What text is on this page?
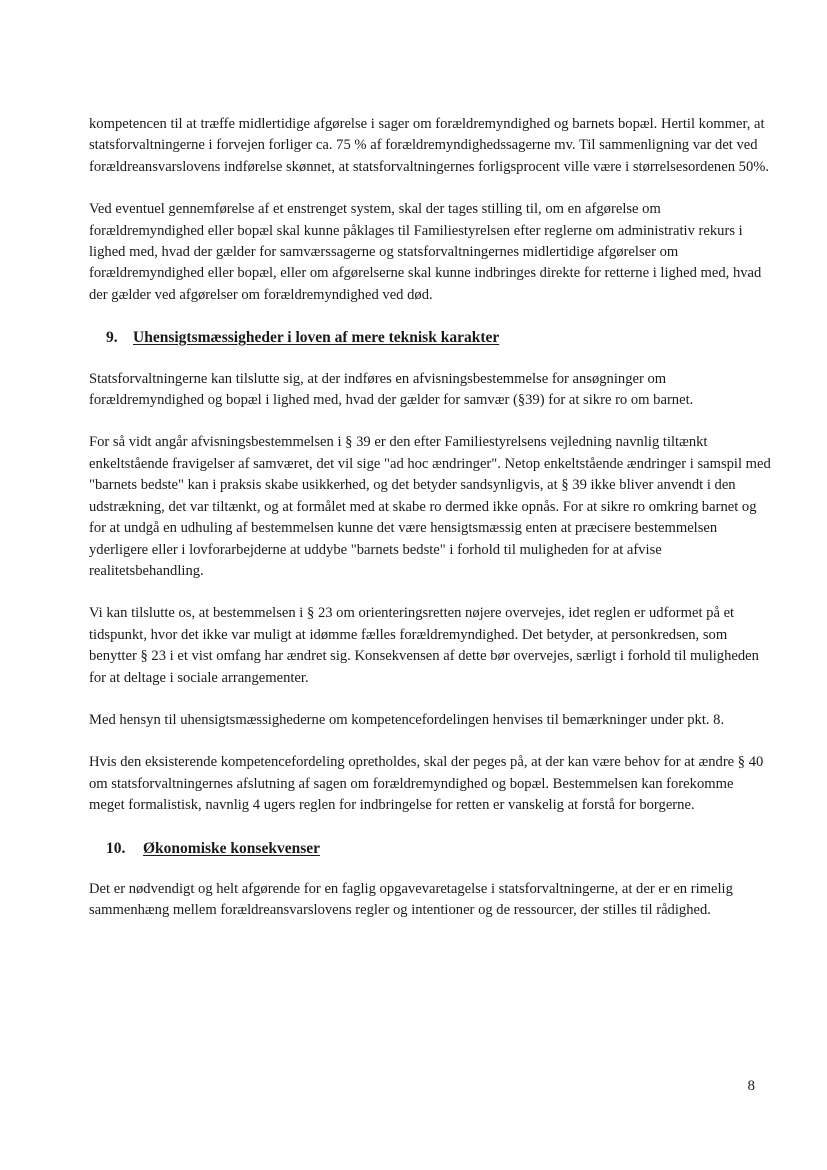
kompetencen til at træffe midlertidige afgørelse i sager om forældremyndighed og barnets bopæl. Hertil kommer, at statsforvaltningerne i forvejen forliger ca. 75 % af forældremyndighedssagerne mv. Til sammenligning var det ved forældreansvarslovens indførelse skønnet, at statsforvaltningernes forligsprocent ville være i størrelsesordenen 50%.

Ved eventuel gennemførelse af et enstrenget system, skal der tages stilling til, om en afgørelse om forældremyndighed eller bopæl skal kunne påklages til Familiestyrelsen efter reglerne om administrativ rekurs i lighed med, hvad der gælder for samværssagerne og statsforvaltningernes midlertidige afgørelser om forældremyndighed eller bopæl, eller om afgørelserne skal kunne indbringes direkte for retterne i lighed med, hvad der gælder ved afgørelser om forældremyndighed ved død.

9. Uhensigtsmæssigheder i loven af mere teknisk karakter

Statsforvaltningerne kan tilslutte sig, at der indføres en afvisningsbestemmelse for ansøgninger om forældremyndighed og bopæl i lighed med, hvad der gælder for samvær (§39) for at sikre ro om barnet.

For så vidt angår afvisningsbestemmelsen i § 39 er den efter Familiestyrelsens vejledning navnlig tiltænkt enkeltstående fravigelser af samværet, det vil sige "ad hoc ændringer". Netop enkeltstående ændringer i samspil med "barnets bedste" kan i praksis skabe usikkerhed, og det betyder sandsynligvis, at § 39 ikke bliver anvendt i den udstrækning, det var tiltænkt, og at formålet med at skabe ro dermed ikke opnås. For at sikre ro omkring barnet og for at undgå en udhuling af bestemmelsen kunne det være hensigtsmæssig enten at præcisere bestemmelsen yderligere eller i lovforarbejderne at uddybe "barnets bedste" i forhold til muligheden for at afvise realitetsbehandling.

Vi kan tilslutte os, at bestemmelsen i § 23 om orienteringsretten nøjere overvejes, idet reglen er udformet på et tidspunkt, hvor det ikke var muligt at idømme fælles forældremyndighed. Det betyder, at personkredsen, som benytter § 23 i et vist omfang har ændret sig. Konsekvensen af dette bør overvejes, særligt i forhold til muligheden for at deltage i sociale arrangementer.

Med hensyn til uhensigtsmæssighederne om kompetencefordelingen henvises til bemærkninger under pkt. 8.

Hvis den eksisterende kompetencefordeling opretholdes, skal der peges på, at der kan være behov for at ændre § 40 om statsforvaltningernes afslutning af sagen om forældremyndighed og bopæl. Bestemmelsen kan forekomme meget formalistisk, navnlig 4 ugers reglen for indbringelse for retten er vanskelig at forstå for borgerne.

10. Økonomiske konsekvenser

Det er nødvendigt og helt afgørende for en faglig opgavevaretagelse i statsforvaltningerne, at der er en rimelig sammenhæng mellem forældreansvarslovens regler og intentioner og de ressourcer, der stilles til rådighed.

8
